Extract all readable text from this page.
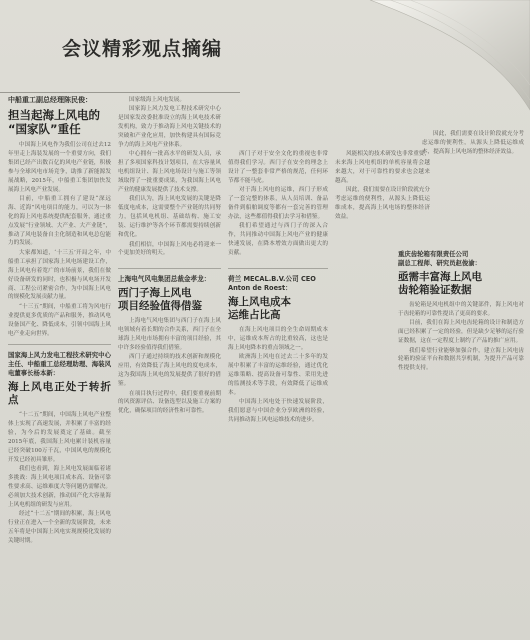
会议精彩观点摘编
中船重工副总经理陈民俊：
担当起海上风电的
“国家队”重任

中国海上风电作为我们公司在过去12年里走上海装发展的一个重要方向，我们集团已经产出数百亿的风电产业链，积极参与全球风电市场竞争，助推了新能源发展战略，2015年，中船重工集团加快发展海上风电产业发展。

目前，中船重工拥有了建设“深远海、近海”风电项目的能力，可以为一体化的海上风电系统提供配套服务，通过重点发展“行业领域、大产业、大产业链”，推动了风电装备自主化制造和风电总包能力的发展。

大家都知道，‘十三五’开局之年，中船重工承担了国家海上风电场建设工作，海上风电有着宽广的市场前景，我们在做好设备研发的同时，也积极与风电场开发商、工程公司紧密合作，为中国海上风电的规模化发展贡献力量。

“十三五”期间，中船重工将为风电行业提供更多优质的产品和服务，推动风电设备国产化、降低成本，引领中国海上风电产业走向世界。

国家海上风力发电工程技术研究中心主任、中船重工总经理助理、海装风电董事长杨本新：
海上风电正处于转折点

“十二五”期间，中国海上风电产业整体上实现了高速发展，并积累了丰富的经验，为今后的发展奠定了基础。截至2015年底，我国海上风电累计装机容量已经突破100万千瓦，中国风电的规模化开发已经初具雏形。

我们也看到，海上风电发展面临着诸多挑战：海上风电项目成本高、设备可靠性要求高、运维难度大等问题仍需解决。必须加大技术创新，推动国产化大容量海上风电机组的研发与应用。

经过“十二五”期间的积累，海上风电行业正在进入一个全新的发展阶段，未来五年将是中国海上风电实现规模化发展的关键时期。

国家级海上风电发展。

国家海上风力发电工程技术研究中心是国家发改委批准设立的海上风电技术研发机构，致力于推动海上风电关键技术的突破和产业化应用，加快构建具有国际竞争力的海上风电产业体系。

中心拥有一批高水平的研发人员，承担了多项国家科技计划项目，在大容量风电机组设计、海上风电场设计与施工等领域取得了一批重要成果，为我国海上风电产业的健康发展提供了技术支撑。

我们认为，海上风电发展的关键是降低度电成本，这需要整个产业链的共同努力，包括风电机组、基础结构、施工安装、运行维护等各个环节都需要持续创新和优化。

我们相信，中国海上风电必将迎来一个更加美好的明天。

上海电气风电集团总裁金孝龙：
西门子海上风电
项目经验值得借鉴

上海电气风电集团与西门子在海上风电领域有着长期的合作关系，西门子在全球海上风电市场拥有丰富的项目经验，其中许多经验值得我们借鉴。

西门子通过持续的技术创新和规模化应用，有效降低了海上风电的度电成本，这为我国海上风电的发展提供了很好的借鉴。

在项目执行过程中，我们要重视前期的风资源评估、设备选型以及施工方案的优化，确保项目的经济性和可靠性。

西门子对于安全文化的重视也非常值得我们学习。西门子在安全的理念上设计了一整套非常严格的规范，任何环节都不能马虎。

对于海上风电的运维，西门子形成了一套完整的体系，从人员培训、备品备件到船舶调度等都有一套完善的管理办法，这些都值得我们去学习和借鉴。

我们希望通过与西门子的深入合作，共同推动中国海上风电产业的健康快速发展，在降本增效方面做出更大的贡献。

荷兰 MECAL.B.V.公司 CEO
Anton de Roest：
海上风电成本
运维占比高

在海上风电项目的全生命周期成本中，运维成本所占的比重较高，这也是海上风电降本的重点领域之一。

欧洲海上风电在过去二十多年的发展中积累了丰富的运维经验，通过优化运维策略、提高设备可靠性、采用先进的监测技术等手段，有效降低了运维成本。

中国海上风电处于快速发展阶段，我们愿意与中国企业分享欧洲的经验，共同推动海上风电运维技术的进步。

风能相关的技术研发也非常重要，未来海上风电机组的单机容量将会越来越大，对于可靠性的要求也会越来越高。

因此，我们需要在设计阶段就充分考虑运维的便利性，从源头上降低运维成本，提高海上风电场的整体经济效益。

因此，我们需要在设计阶段就充分考虑运维的便利性，从源头上降低运维成本，提高海上风电场的整体经济效益。

重庆齿轮箱有限责任公司
副总工程师、研究员赵俊渝：
亟需丰富海上风电
齿轮箱验证数据

齿轮箱是风电机组中的关键部件，海上风电对于齿轮箱的可靠性提出了更高的要求。

目前，我们在海上风电齿轮箱的设计和制造方面已经积累了一定的经验，但是缺少足够的运行验证数据，这在一定程度上制约了产品的推广应用。

我们希望行业能够加强合作，建立海上风电齿轮箱的验证平台和数据共享机制，为提升产品可靠性提供支持。
